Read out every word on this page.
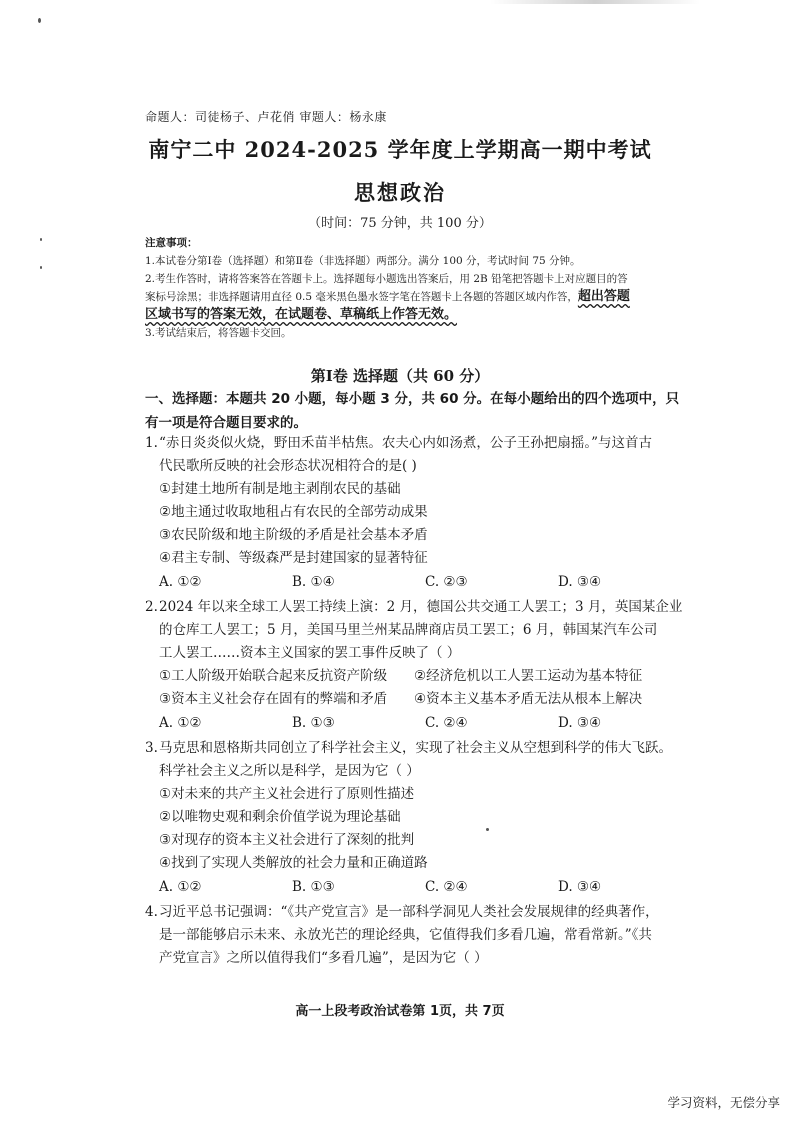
命题人：司徒杨子、卢花俏 审题人：杨永康
南宁二中 2024-2025 学年度上学期高一期中考试
思想政治
（时间：75 分钟，共 100 分）
注意事项：
1.本试卷分第Ⅰ卷（选择题）和第Ⅱ卷（非选择题）两部分。满分 100 分，考试时间 75 分钟。
2.考生作答时，请将答案答在答题卡上。选择题每小题选出答案后，用 2B 铅笔把答题卡上对应题目的答
案标号涂黑；非选择题请用直径 0.5 毫米黑色墨水签字笔在答题卡上各题的答题区域内作答，超出答题
区域书写的答案无效，在试题卷、草稿纸上作答无效。
3.考试结束后，将答题卡交回。
第Ⅰ卷 选择题（共 60 分）
一、选择题：本题共 20 小题，每小题 3 分，共 60 分。在每小题给出的四个选项中，只有一项是符合题目要求的。
1.“赤日炎炎似火烧，野田禾苗半枯焦。农夫心内如汤煮，公子王孙把扇摇。”与这首古
代民歌所反映的社会形态状况相符合的是( )
①封建土地所有制是地主剥削农民的基础
②地主通过收取地租占有农民的全部劳动成果
③农民阶级和地主阶级的矛盾是社会基本矛盾
④君主专制、等级森严是封建国家的显著特征
A. ①②	B. ①④	C. ②③	D. ③④
2.2024 年以来全球工人罢工持续上演：2 月，德国公共交通工人罢工；3 月，英国某企业
的仓库工人罢工；5 月，美国马里兰州某品牌商店员工罢工；6 月，韩国某汽车公司
工人罢工……资本主义国家的罢工事件反映了（ ）
①工人阶级开始联合起来反抗资产阶级	②经济危机以工人罢工运动为基本特征
③资本主义社会存在固有的弊端和矛盾	④资本主义基本矛盾无法从根本上解决
A. ①②	B. ①③	C. ②④	D. ③④
3.马克思和恩格斯共同创立了科学社会主义，实现了社会主义从空想到科学的伟大飞跃。
科学社会主义之所以是科学，是因为它（ ）
①对未来的共产主义社会进行了原则性描述
②以唯物史观和剩余价值学说为理论基础
③对现存的资本主义社会进行了深刻的批判
④找到了实现人类解放的社会力量和正确道路
A. ①②	B. ①③	C. ②④	D. ③④
4.习近平总书记强调：“《共产党宣言》是一部科学洞见人类社会发展规律的经典著作，
是一部能够启示未来、永放光芒的理论经典，它值得我们多看几遍，常看常新。”《共
产党宣言》之所以值得我们“多看几遍”，是因为它（ ）
高一上段考政治试卷第 1页，共 7页
学习资料，无偿分享
